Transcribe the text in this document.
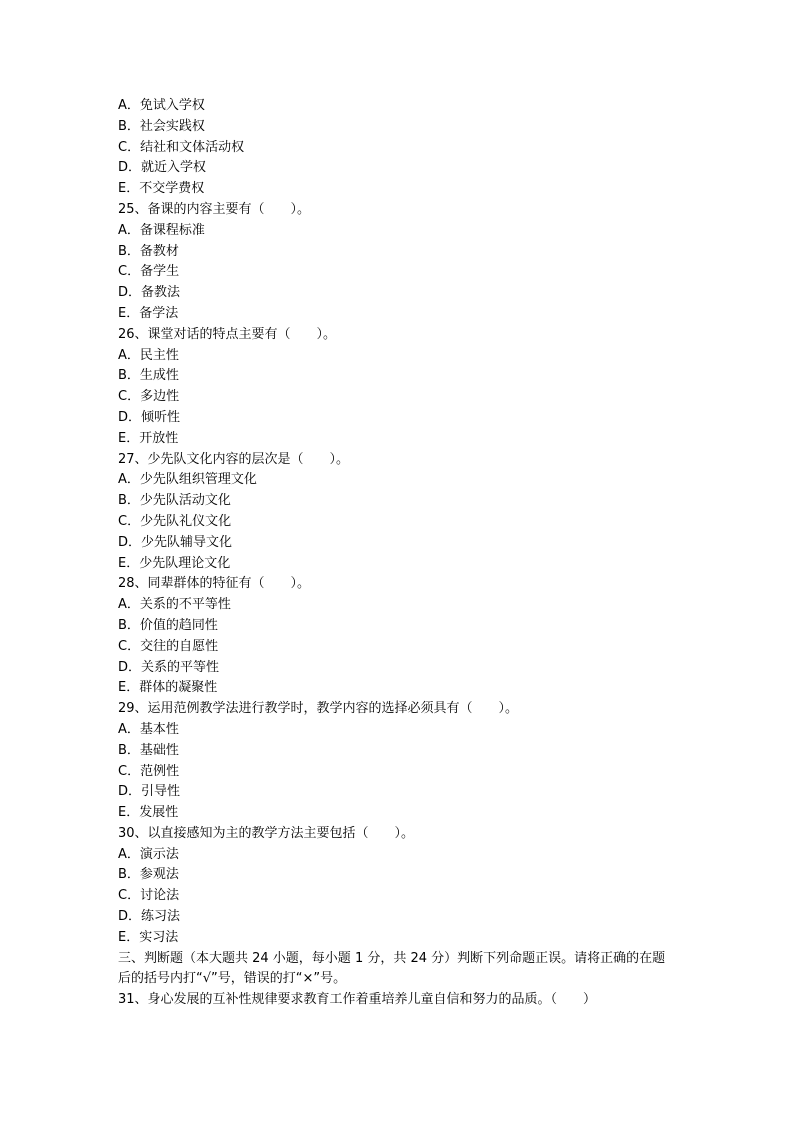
A．免试入学权
B．社会实践权
C．结社和文体活动权
D．就近入学权
E．不交学费权
25、备课的内容主要有（　　）。
A．备课程标准
B．备教材
C．备学生
D．备教法
E．备学法
26、课堂对话的特点主要有（　　）。
A．民主性
B．生成性
C．多边性
D．倾听性
E．开放性
27、少先队文化内容的层次是（　　）。
A．少先队组织管理文化
B．少先队活动文化
C．少先队礼仪文化
D．少先队辅导文化
E．少先队理论文化
28、同辈群体的特征有（　　）。
A．关系的不平等性
B．价值的趋同性
C．交往的自愿性
D．关系的平等性
E．群体的凝聚性
29、运用范例教学法进行教学时，教学内容的选择必须具有（　　）。
A．基本性
B．基础性
C．范例性
D．引导性
E．发展性
30、以直接感知为主的教学方法主要包括（　　）。
A．演示法
B．参观法
C．讨论法
D．练习法
E．实习法
三、判断题（本大题共 24 小题，每小题 1 分，共 24 分）判断下列命题正误。请将正确的在题后的括号内打“√”号，错误的打“×”号。
31、身心发展的互补性规律要求教育工作着重培养儿童自信和努力的品质。（　　）
